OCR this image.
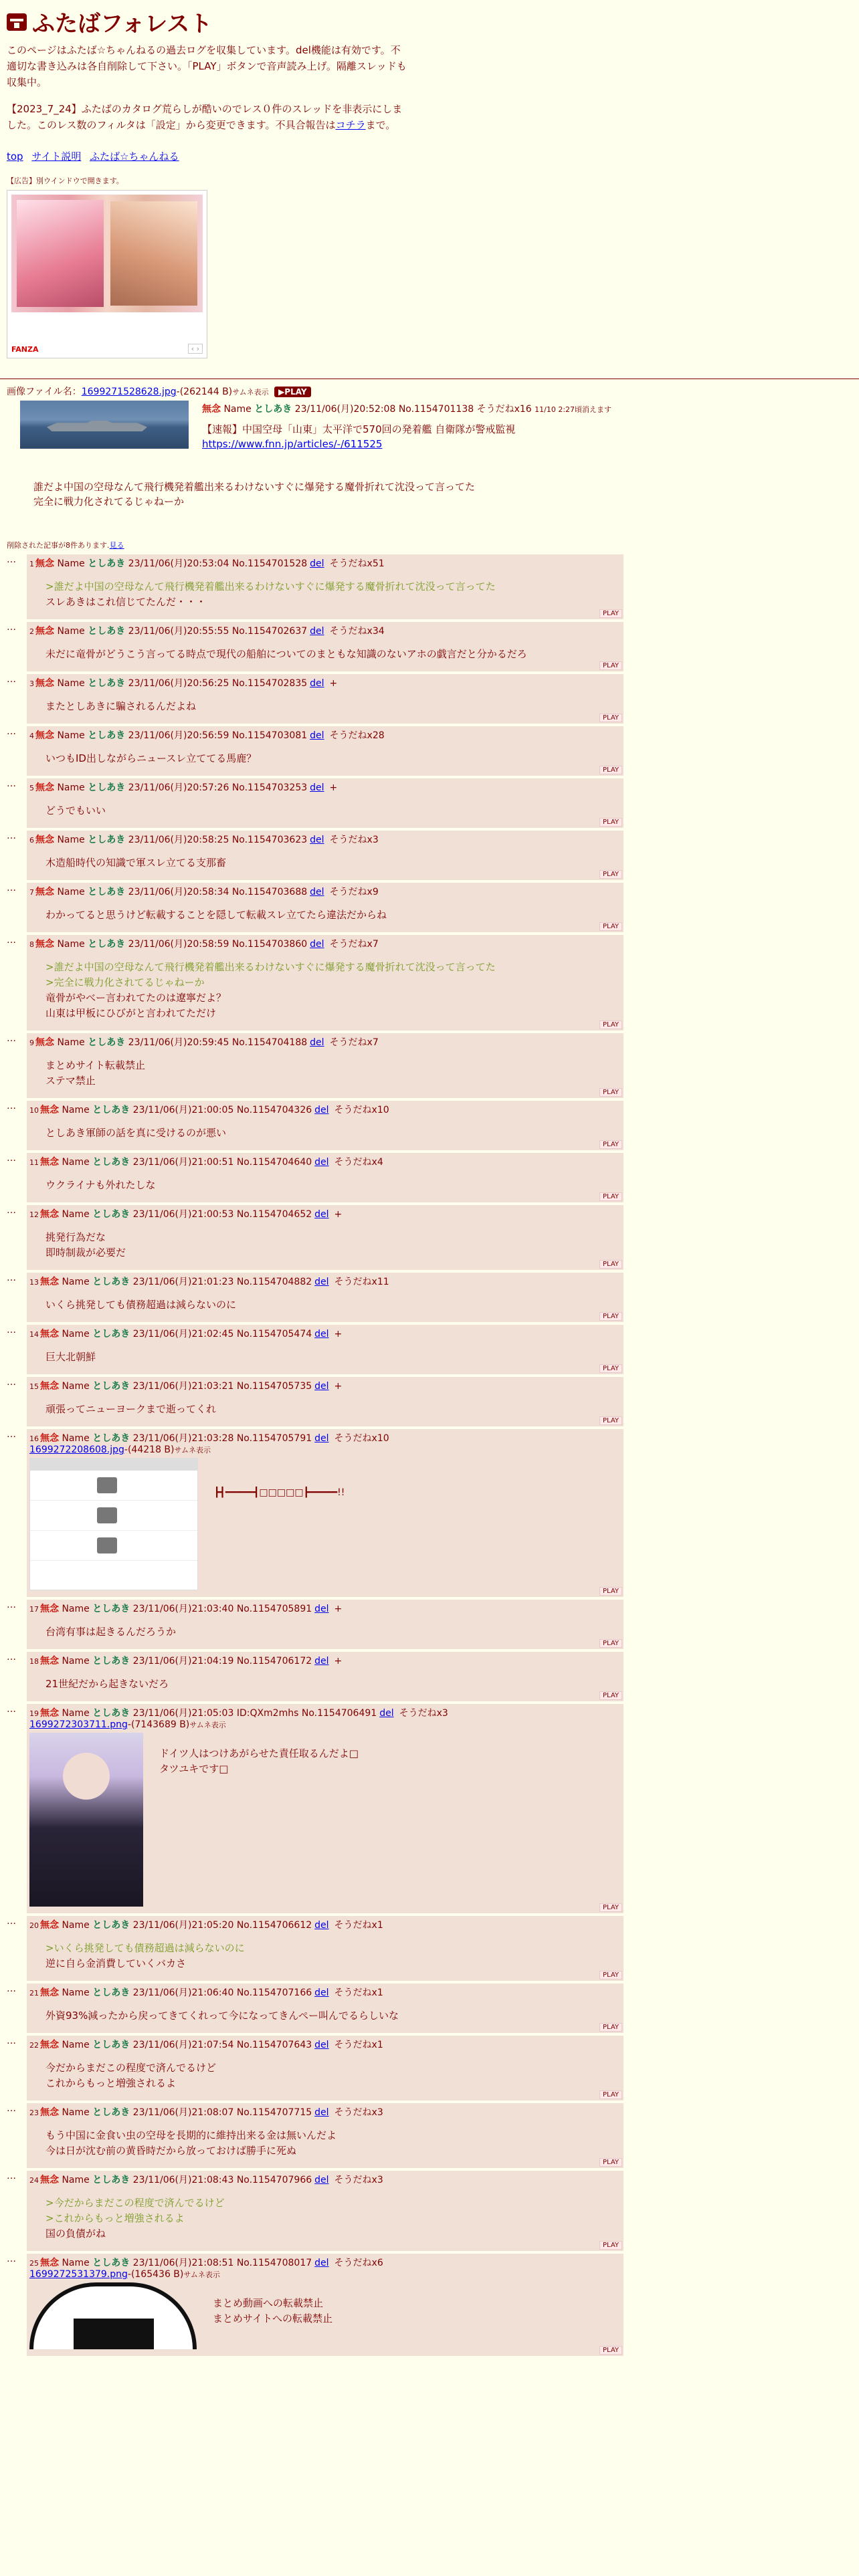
ふたばフォレスト

このページはふたば☆ちゃんねるの過去ログを収集しています。del機能は有効です。不適切な書き込みは各自削除して下さい。「PLAY」ボタンで音声読み上げ。隔離スレッドも収集中。

【2023_7_24】ふたばのカタログ荒らしが酷いのでレス０件のスレッドを非表示にしました。このレス数のフィルタは「設定」から変更できます。不具合報告はコチラまで。

top サイト説明 ふたば☆ちゃんねる
【広告】別ウインドウで開きます。
FANZA	‹ ›
画像ファイル名：1699271528628.jpg-(262144 B)サムネ表示 ▶PLAY
無念 Name としあき 23/11/06(月)20:52:08 No.1154701138 そうだねx16 11/10 2:27頃消えます
【速報】中国空母「山東」太平洋で570回の発着艦 自衛隊が警戒監視
https://www.fnn.jp/articles/-/611525
誰だよ中国の空母なんて飛行機発着艦出来るわけないすぐに爆発する魔骨折れて沈没って言ってた
完全に戦力化されてるじゃねーか
削除された記事が8件あります.見る
…	1 無念 Name としあき 23/11/06(月)20:53:04 No.1154701528 del そうだねx51
>誰だよ中国の空母なんて飛行機発着艦出来るわけないすぐに爆発する魔骨折れて沈没って言ってた
スレあきはこれ信じてたんだ・・・
PLAY
…	2 無念 Name としあき 23/11/06(月)20:55:55 No.1154702637 del そうだねx34
未だに竜骨がどうこう言ってる時点で現代の船舶についてのまともな知識のないアホの戯言だと分かるだろ
PLAY
…	3 無念 Name としあき 23/11/06(月)20:56:25 No.1154702835 del +
またとしあきに騙されるんだよね
PLAY
…	4 無念 Name としあき 23/11/06(月)20:56:59 No.1154703081 del そうだねx28
いつもID出しながらニュースレ立ててる馬鹿？
PLAY
…	5 無念 Name としあき 23/11/06(月)20:57:26 No.1154703253 del +
どうでもいい
PLAY
…	6 無念 Name としあき 23/11/06(月)20:58:25 No.1154703623 del そうだねx3
木造船時代の知識で軍スレ立てる支那畜
PLAY
…	7 無念 Name としあき 23/11/06(月)20:58:34 No.1154703688 del そうだねx9
わかってると思うけど転載することを隠して転載スレ立てたら違法だからね
PLAY
…	8 無念 Name としあき 23/11/06(月)20:58:59 No.1154703860 del そうだねx7
>誰だよ中国の空母なんて飛行機発着艦出来るわけないすぐに爆発する魔骨折れて沈没って言ってた
>完全に戦力化されてるじゃねーか
竜骨がやべー言われてたのは遼寧だよ？
山東は甲板にひびがと言われてただけ
PLAY
…	9 無念 Name としあき 23/11/06(月)20:59:45 No.1154704188 del そうだねx7
まとめサイト転載禁止
ステマ禁止
PLAY
…	10 無念 Name としあき 23/11/06(月)21:00:05 No.1154704326 del そうだねx10
としあき軍師の話を真に受けるのが悪い
PLAY
…	11 無念 Name としあき 23/11/06(月)21:00:51 No.1154704640 del そうだねx4
ウクライナも外れたしな
PLAY
…	12 無念 Name としあき 23/11/06(月)21:00:53 No.1154704652 del +
挑発行為だな
即時制裁が必要だ
PLAY
…	13 無念 Name としあき 23/11/06(月)21:01:23 No.1154704882 del そうだねx11
いくら挑発しても債務超過は減らないのに
PLAY
…	14 無念 Name としあき 23/11/06(月)21:02:45 No.1154705474 del +
巨大北朝鮮
PLAY
…	15 無念 Name としあき 23/11/06(月)21:03:21 No.1154705735 del +
頑張ってニューヨークまで逝ってくれ
PLAY
…	16 無念 Name としあき 23/11/06(月)21:03:28 No.1154705791 del そうだねx10
1699272208608.jpg-(44218 B)サムネ表示
┣┫━━━━━┫□□□□□┣━━━━━!!
PLAY
…	17 無念 Name としあき 23/11/06(月)21:03:40 No.1154705891 del +
台湾有事は起きるんだろうか
PLAY
…	18 無念 Name としあき 23/11/06(月)21:04:19 No.1154706172 del +
21世紀だから起きないだろ
PLAY
…	19 無念 Name としあき 23/11/06(月)21:05:03 ID:QXm2mhs No.1154706491 del そうだねx3
1699272303711.png-(7143689 B)サムネ表示
ドイツ人はつけあがらせた責任取るんだよ□
タツユキです□
PLAY
…	20 無念 Name としあき 23/11/06(月)21:05:20 No.1154706612 del そうだねx1
>いくら挑発しても債務超過は減らないのに
逆に自ら金消費していくバカさ
PLAY
…	21 無念 Name としあき 23/11/06(月)21:06:40 No.1154707166 del そうだねx1
外資93%減ったから戻ってきてくれって今になってきんぺー叫んでるらしいな
PLAY
…	22 無念 Name としあき 23/11/06(月)21:07:54 No.1154707643 del そうだねx1
今だからまだこの程度で済んでるけど
これからもっと増強されるよ
PLAY
…	23 無念 Name としあき 23/11/06(月)21:08:07 No.1154707715 del そうだねx3
もう中国に金食い虫の空母を長期的に維持出来る金は無いんだよ
今は日が沈む前の黄昏時だから放っておけば勝手に死ぬ
PLAY
…	24 無念 Name としあき 23/11/06(月)21:08:43 No.1154707966 del そうだねx3
>今だからまだこの程度で済んでるけど
>これからもっと増強されるよ
国の負債がね
PLAY
…	25 無念 Name としあき 23/11/06(月)21:08:51 No.1154708017 del そうだねx6
1699272531379.png-(165436 B)サムネ表示
まとめ動画への転載禁止
まとめサイトへの転載禁止
PLAY
